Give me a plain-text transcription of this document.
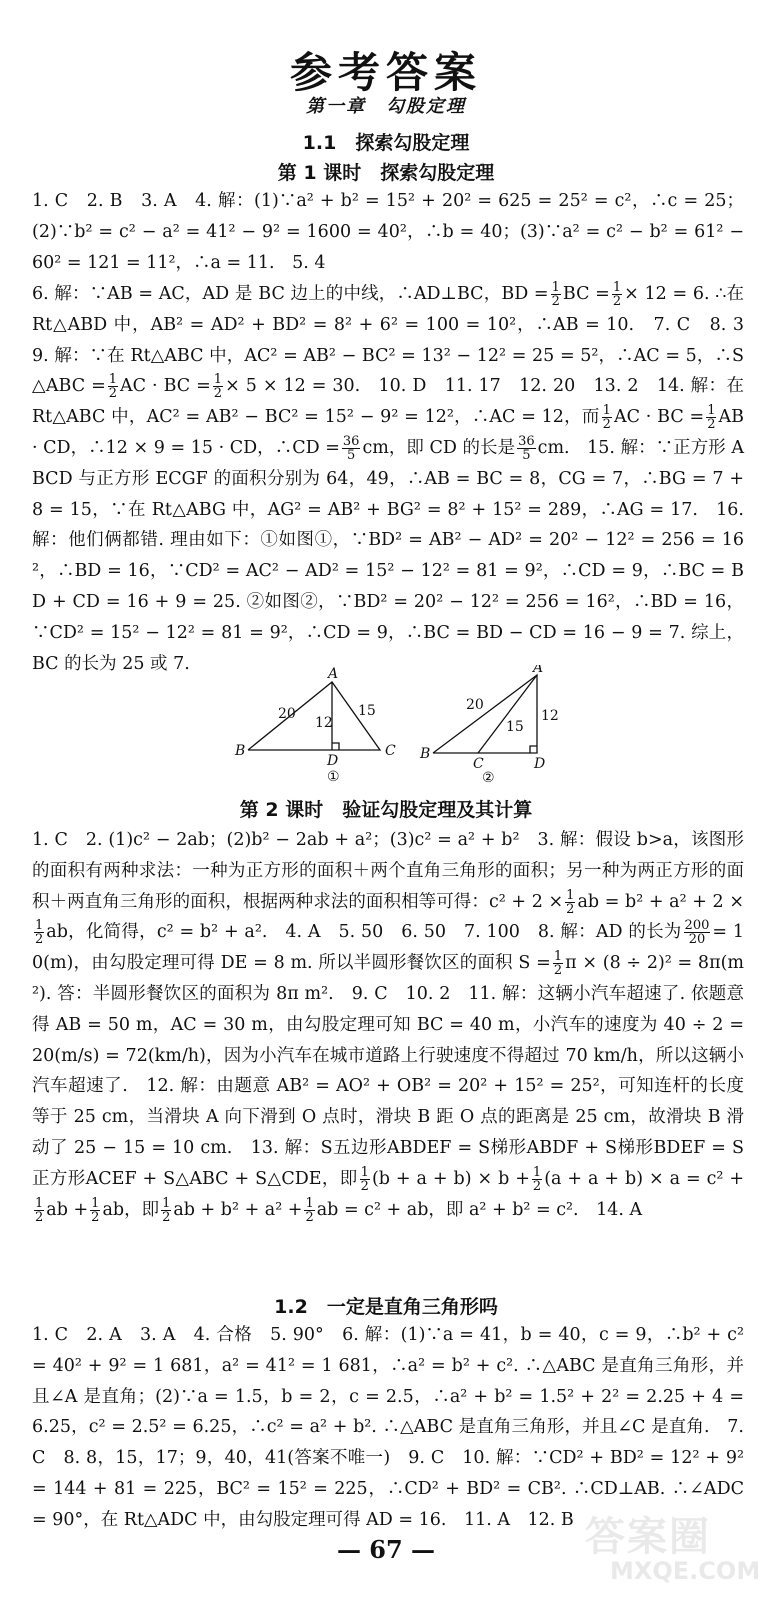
参考答案
第一章　勾股定理
1.1　探索勾股定理
第 1 课时　探索勾股定理

1. C　2. B　3. A　4. 解：(1)∵a² + b² = 15² + 20² = 625 = 25² = c²，∴c = 25；(2)∵b² = c² − a² = 41² − 9² = 1600 = 40²，∴b = 40；(3)∵a² = c² − b² = 61² − 60² = 121 = 11²，∴a = 11.　5. 4

6. 解：∵AB = AC，AD 是 BC 边上的中线，∴AD⊥BC，BD = $\frac{1}{2}$ BC = $\frac{1}{2} \times 12 = 6$. ∴在 Rt△ABD 中，AB² = AD² + BD² = 8² + 6² = 100 = 10²，∴AB = 10.　7. C　8. 3　9. 解：∵在 Rt△ABC 中，AC² = AB² − BC² = 13² − 12² = 25 = 5²，∴AC = 5，∴S△ABC = $\frac{1}{2}$ AC · BC = $\frac{1}{2} \times 5 \times 12 = 30$.　10. D　11. 17　12. 20　13. 2　14. 解：在 Rt△ABC 中，AC² = AB² − BC² = 15² − 9² = 12²，∴AC = 12，而 $\frac{1}{2}$ AC · BC = $\frac{1}{2}$ AB · CD，∴12 × 9 = 15 · CD，∴CD = $\frac{36}{5}$ cm，即 CD 的长是 $\frac{36}{5}$ cm.　15. 解：∵正方形 ABCD 与正方形 ECGF 的面积分别为 64，49，∴AB = BC = 8，CG = 7，∴BG = 7 + 8 = 15，∵在 Rt△ABG 中，AG² = AB² + BG² = 8² + 15² = 289，∴AG = 17.　16. 解：他们俩都错. 理由如下：①如图①，∵BD² = AB² − AD² = 20² − 12² = 256 = 16²，∴BD = 16，∵CD² = AC² − AD² = 15² − 12² = 81 = 9²，∴CD = 9，∴BC = BD + CD = 16 + 9 = 25. ②如图②，∵BD² = 20² − 12² = 256 = 16²，∴BD = 16，∵CD² = 15² − 12² = 81 = 9²，∴CD = 9，∴BC = BD − CD = 16 − 9 = 7. 综上，BC 的长为 25 或 7.

A
B	C
D
20
12
15
①
A
B
C	D
20
15
12
②
第 2 课时　验证勾股定理及其计算

1. C　2. (1)c² − 2ab；(2)b² − 2ab + a²；(3)c² = a² + b²　3. 解：假设 b>a，该图形的面积有两种求法：一种为正方形的面积＋两个直角三角形的面积；另一种为两正方形的面积＋两直角三角形的面积，根据两种求法的面积相等可得：$c^2 + 2 \times \frac{1}{2}$ ab = b² + a² + 2 ×
$\frac{1}{2}$ ab，化简得，c² = b² + a².　4. A　5. 50　6. 50　7. 100　8. 解：AD 的长为 $\frac{200}{20} = 10(m)$，由勾股定理可得 DE = 8 m. 所以半圆形餐饮区的面积 $S = \frac{1}{2}$ π × (8 ÷ 2)² = 8π(m²). 答：半圆形餐饮区的面积为 8π m².　9. C　10. 2　11. 解：这辆小汽车超速了. 依题意得 AB = 50 m，AC = 30 m，由勾股定理可知 BC = 40 m，小汽车的速度为 40 ÷ 2 = 20(m/s) = 72(km/h)，因为小汽车在城市道路上行驶速度不得超过 70 km/h，所以这辆小汽车超速了.　12. 解：由题意 AB² = AO² + OB² = 20² + 15² = 25²，可知连杆的长度等于 25 cm，当滑块 A 向下滑到 O 点时，滑块 B 距 O 点的距离是 25 cm，故滑块 B 滑动了 25 − 15 = 10 cm.　13. 解：S五边形ABDEF = S梯形ABDF + S梯形BDEF = S正方形ACEF + S△ABC + S△CDE，即 $\frac{1}{2} (b + a + b) \times b + \frac{1}{2} (a + a + b) \times a = c^2$ +
$\frac{1}{2}$ ab + $\frac{1}{2}$ ab，即 $\frac{1}{2}$ ab + $b^2 + a^2 + \frac{1}{2}$ ab = c² + ab，即 a² + b² = c².　14. A

1.2　一定是直角三角形吗

1. C　2. A　3. A　4. 合格　5. 90°　6. 解：(1)∵a = 41，b = 40，c = 9，∴b² + c² = 40² + 9² = 1 681，a² = 41² = 1 681，∴a² = b² + c². ∴△ABC 是直角三角形，并且∠A 是直角；(2)∵a = 1.5，b = 2，c = 2.5，∴a² + b² = 1.5² + 2² = 2.25 + 4 = 6.25，c² = 2.5² = 6.25，∴c² = a² + b². ∴△ABC 是直角三角形，并且∠C 是直角.　7. C　8. 8，15，17；9，40，41(答案不唯一)　9. C　10. 解：∵CD² + BD² = 12² + 9² = 144 + 81 = 225，BC² = 15² = 225，∴CD² + BD² = CB². ∴CD⊥AB. ∴∠ADC = 90°，在 Rt△ADC 中，由勾股定理可得 AD = 16.　11. A　12. B

— 67 —	答案圈
MXQE.COM
